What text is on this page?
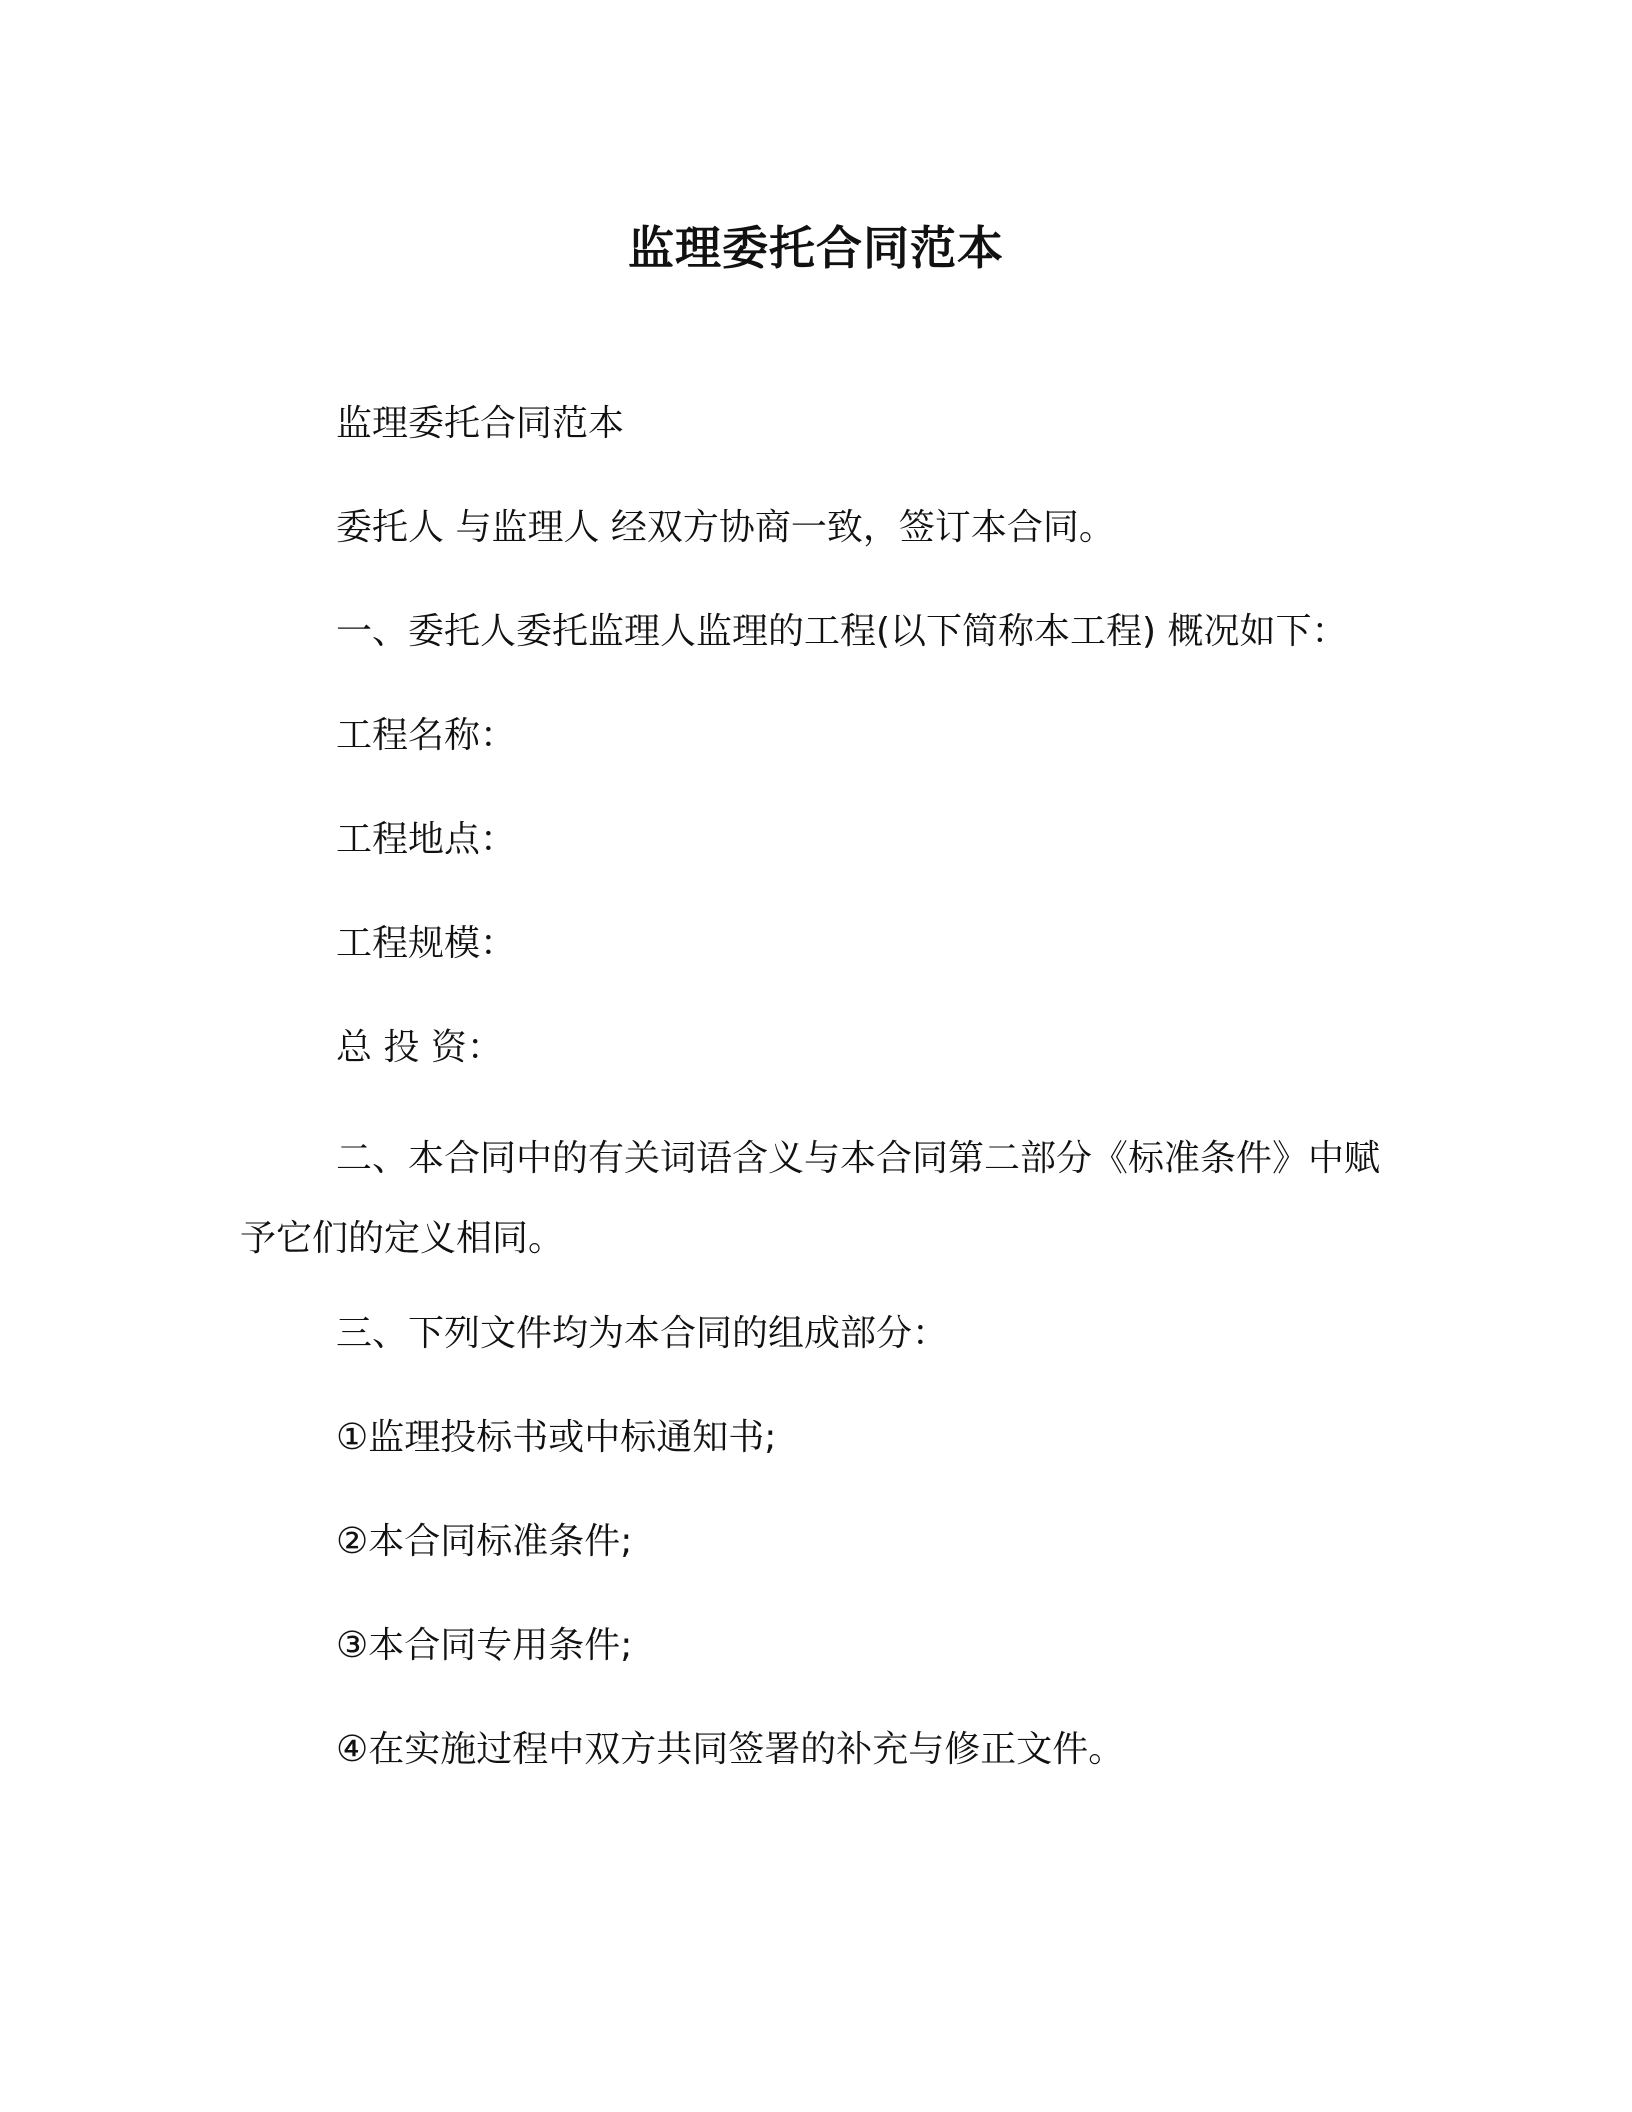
监理委托合同范本
监理委托合同范本
委托人 与监理人 经双方协商一致，签订本合同。
一、委托人委托监理人监理的工程(以下简称本工程) 概况如下：
工程名称：
工程地点：
工程规模：
总 投 资：
二、本合同中的有关词语含义与本合同第二部分《标准条件》中赋予它们的定义相同。
三、下列文件均为本合同的组成部分：
①监理投标书或中标通知书;
②本合同标准条件;
③本合同专用条件;
④在实施过程中双方共同签署的补充与修正文件。
